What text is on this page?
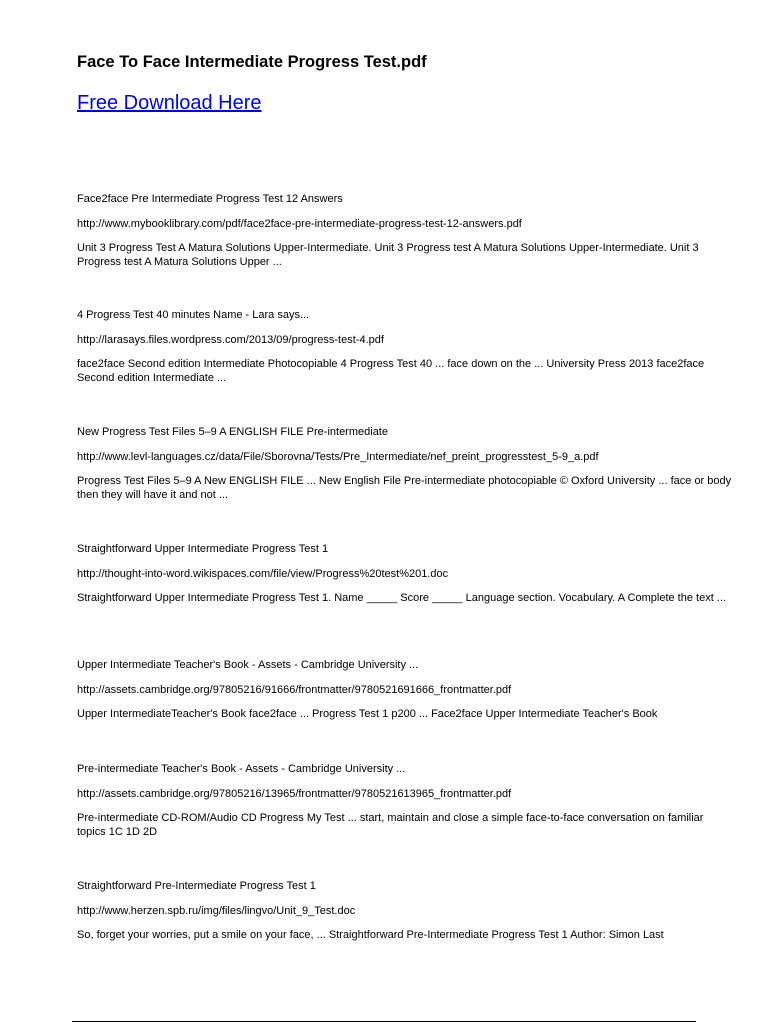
Face To Face Intermediate Progress Test.pdf
Free Download Here
Face2face Pre Intermediate Progress Test 12 Answers
http://www.mybooklibrary.com/pdf/face2face-pre-intermediate-progress-test-12-answers.pdf
Unit 3 Progress Test A Matura Solutions Upper-Intermediate. Unit 3 Progress test A Matura Solutions Upper-Intermediate. Unit 3 Progress test A Matura Solutions Upper ...
4 Progress Test 40 minutes Name - Lara says...
http://larasays.files.wordpress.com/2013/09/progress-test-4.pdf
face2face Second edition Intermediate Photocopiable 4 Progress Test 40 ... face down on the ... University Press 2013 face2face Second edition Intermediate ...
New Progress Test Files 5–9 A ENGLISH FILE Pre-intermediate
http://www.levl-languages.cz/data/File/Sborovna/Tests/Pre_Intermediate/nef_preint_progresstest_5-9_a.pdf
Progress Test Files 5–9 A New ENGLISH FILE ... New English File Pre-intermediate photocopiable © Oxford University ... face or body then they will have it and not ...
Straightforward Upper Intermediate Progress Test 1
http://thought-into-word.wikispaces.com/file/view/Progress%20test%201.doc
Straightforward Upper Intermediate Progress Test 1. Name _____ Score _____ Language section. Vocabulary. A Complete the text ...
Upper Intermediate Teacher's Book - Assets - Cambridge University ...
http://assets.cambridge.org/97805216/91666/frontmatter/9780521691666_frontmatter.pdf
Upper IntermediateTeacher's Book face2face ... Progress Test 1 p200 ... Face2face Upper Intermediate Teacher's Book
Pre-intermediate Teacher's Book - Assets - Cambridge University ...
http://assets.cambridge.org/97805216/13965/frontmatter/9780521613965_frontmatter.pdf
Pre-intermediate CD-ROM/Audio CD Progress My Test ... start, maintain and close a simple face-to-face conversation on familiar topics 1C 1D 2D
Straightforward Pre-Intermediate Progress Test 1
http://www.herzen.spb.ru/img/files/lingvo/Unit_9_Test.doc
So, forget your worries, put a smile on your face, ... Straightforward Pre-Intermediate Progress Test 1 Author: Simon Last
